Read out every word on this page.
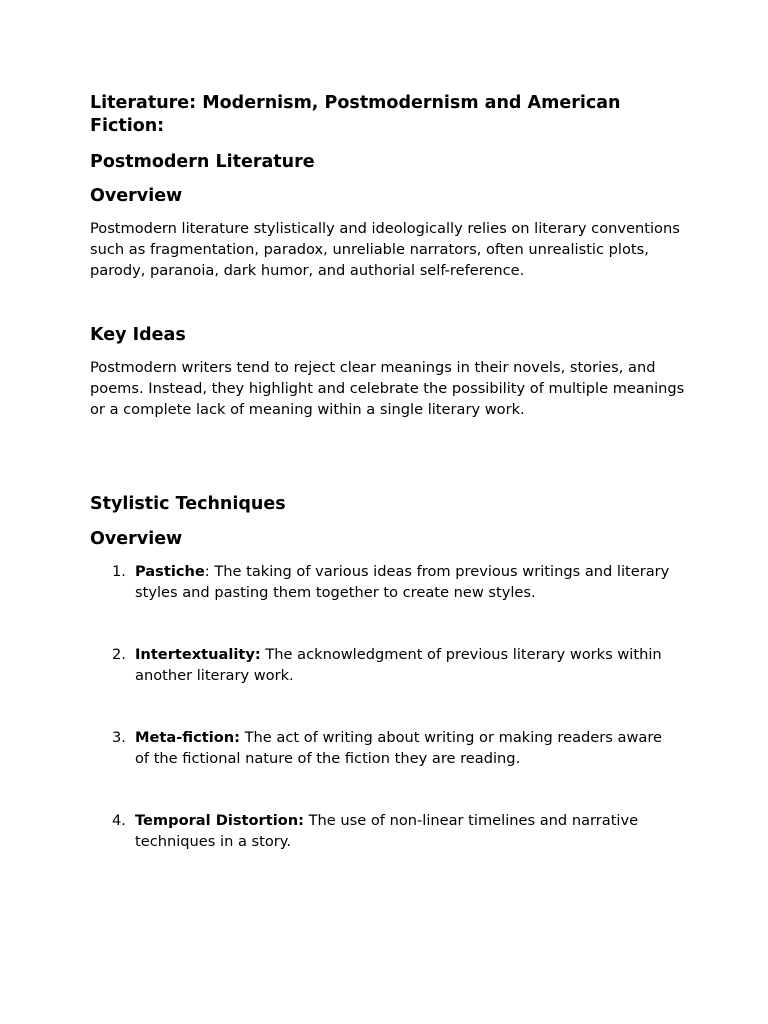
Literature: Modernism, Postmodernism and American Fiction:
Postmodern Literature
Overview

Postmodern literature stylistically and ideologically relies on literary conventions such as fragmentation, paradox, unreliable narrators, often unrealistic plots, parody, paranoia, dark humor, and authorial self-reference.

Key Ideas

Postmodern writers tend to reject clear meanings in their novels, stories, and poems. Instead, they highlight and celebrate the possibility of multiple meanings or a complete lack of meaning within a single literary work.

Stylistic Techniques
Overview
1. Pastiche: The taking of various ideas from previous writings and literary styles and pasting them together to create new styles.
2. Intertextuality: The acknowledgment of previous literary works within another literary work.
3. Meta-fiction: The act of writing about writing or making readers aware of the fictional nature of the fiction they are reading.
4. Temporal Distortion: The use of non-linear timelines and narrative techniques in a story.
